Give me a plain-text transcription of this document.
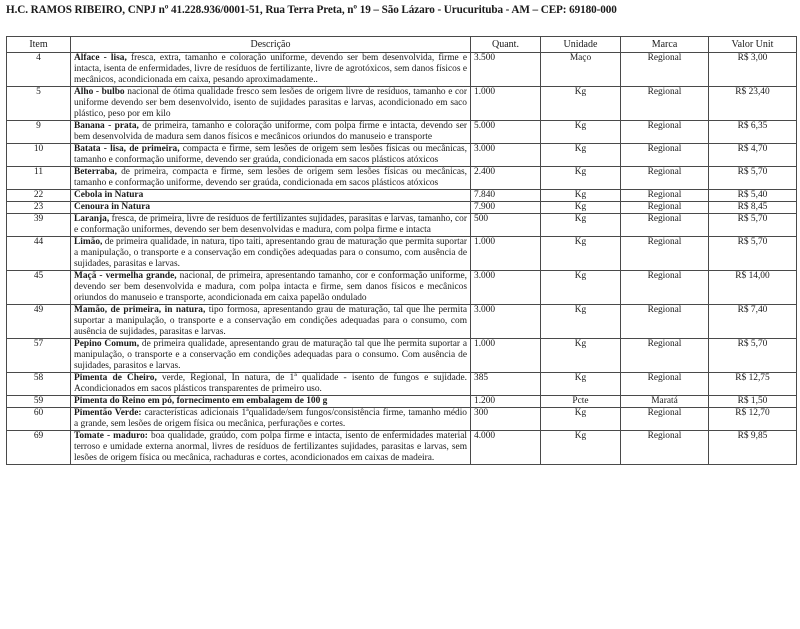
H.C. RAMOS RIBEIRO, CNPJ nº 41.228.936/0001-51, Rua Terra Preta, nº 19 – São Lázaro - Urucurituba - AM – CEP: 69180-000
Item	Descrição	Quant.	Unidade	Marca	Valor Unit
4	Alface - lisa, fresca, extra, tamanho e coloração uniforme, devendo ser bem desenvolvida, firme e intacta, isenta de enfermidades, livre de resíduos de fertilizante, livre de agrotóxicos, sem danos físicos e mecânicos, acondicionada em caixa, pesando aproximadamente..	3.500	Maço	Regional	R$ 3,00
5	Alho - bulbo nacional de ótima qualidade fresco sem lesões de origem livre de resíduos, tamanho e cor uniforme devendo ser bem desenvolvido, isento de sujidades parasitas e larvas, acondicionado em saco plástico, peso por em kilo	1.000	Kg	Regional	R$ 23,40
9	Banana - prata, de primeira, tamanho e coloração uniforme, com polpa firme e intacta, devendo ser bem desenvolvida de madura sem danos físicos e mecânicos oriundos do manuseio e transporte	5.000	Kg	Regional	R$ 6,35
10	Batata - lisa, de primeira, compacta e firme, sem lesões de origem sem lesões físicas ou mecânicas, tamanho e conformação uniforme, devendo ser graúda, condicionada em sacos plásticos atóxicos	3.000	Kg	Regional	R$ 4,70
11	Beterraba, de primeira, compacta e firme, sem lesões de origem sem lesões físicas ou mecânicas, tamanho e conformação uniforme, devendo ser graúda, condicionada em sacos plásticos atóxicos	2.400	Kg	Regional	R$ 5,70
22	Cebola in Natura	7.840	Kg	Regional	R$ 5,40
23	Cenoura in Natura	7.900	Kg	Regional	R$ 8,45
39	Laranja, fresca, de primeira, livre de resíduos de fertilizantes sujidades, parasitas e larvas, tamanho, cor e conformação uniformes, devendo ser bem desenvolvidas e madura, com polpa firme e intacta	500	Kg	Regional	R$ 5,70
44	Limão, de primeira qualidade, in natura, tipo taiti, apresentando grau de maturação que permita suportar a manipulação, o transporte e a conservação em condições adequadas para o consumo, com ausência de sujidades, parasitas e larvas.	1.000	Kg	Regional	R$ 5,70
45	Maçã - vermelha grande, nacional, de primeira, apresentando tamanho, cor e conformação uniforme, devendo ser bem desenvolvida e madura, com polpa intacta e firme, sem danos físicos e mecânicos oriundos do manuseio e transporte, acondicionada em caixa papelão ondulado	3.000	Kg	Regional	R$ 14,00
49	Mamão, de primeira, in natura, tipo formosa, apresentando grau de maturação, tal que lhe permita suportar a manipulação, o transporte e a conservação em condições adequadas para o consumo, com ausência de sujidades, parasitas e larvas.	3.000	Kg	Regional	R$ 7,40
57	Pepino Comum, de primeira qualidade, apresentando grau de maturação tal que lhe permita suportar a manipulação, o transporte e a conservação em condições adequadas para o consumo. Com ausência de sujidades, parasitos e larvas.	1.000	Kg	Regional	R$ 5,70
58	Pimenta de Cheiro, verde, Regional, In natura, de 1ª qualidade - isento de fungos e sujidade. Acondicionados em sacos plásticos transparentes de primeiro uso.	385	Kg	Regional	R$ 12,75
59	Pimenta do Reino em pó, fornecimento em embalagem de 100 g	1.200	Pcte	Maratá	R$ 1,50
60	Pimentão Verde: características adicionais 1ªqualidade/sem fungos/consistência firme, tamanho médio a grande, sem lesões de origem física ou mecânica, perfurações e cortes.	300	Kg	Regional	R$ 12,70
69	Tomate - maduro: boa qualidade, graúdo, com polpa firme e intacta, isento de enfermidades material terroso e umidade externa anormal, livres de resíduos de fertilizantes sujidades, parasitas e larvas, sem lesões de origem física ou mecânica, rachaduras e cortes, acondicionados em caixas de madeira.	4.000	Kg	Regional	R$ 9,85
